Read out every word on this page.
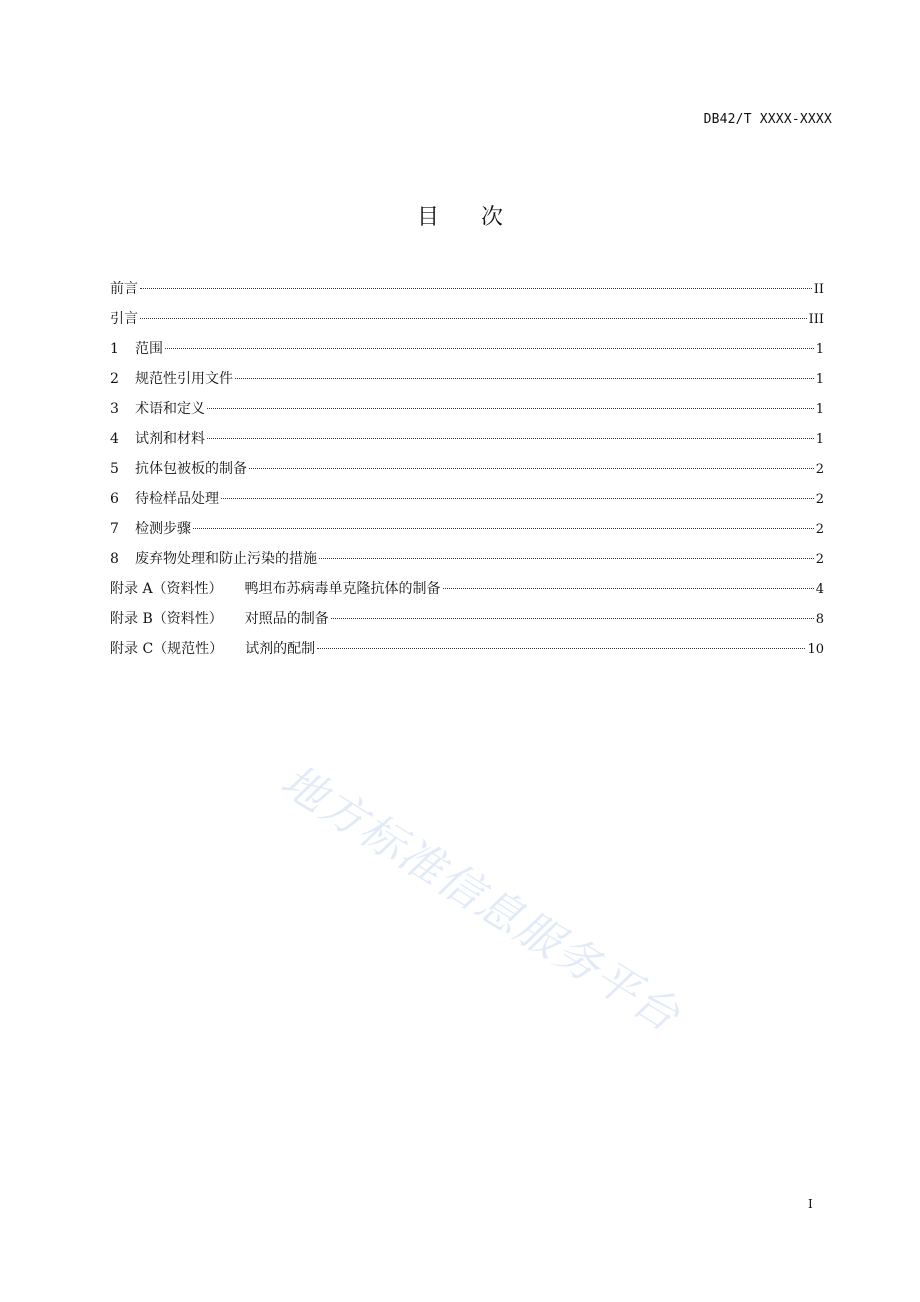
DB42/T XXXX-XXXX
目 次
前言	II
引言	III
1	范围	1
2	规范性引用文件	1
3	术语和定义	1
4	试剂和材料	1
5	抗体包被板的制备	2
6	待检样品处理	2
7	检测步骤	2
8	废弃物处理和防止污染的措施	2
附录 A（资料性） 鸭坦布苏病毒单克隆抗体的制备	4
附录 B（资料性） 对照品的制备	8
附录 C（规范性） 试剂的配制	10
地方标准信息服务平台
I
